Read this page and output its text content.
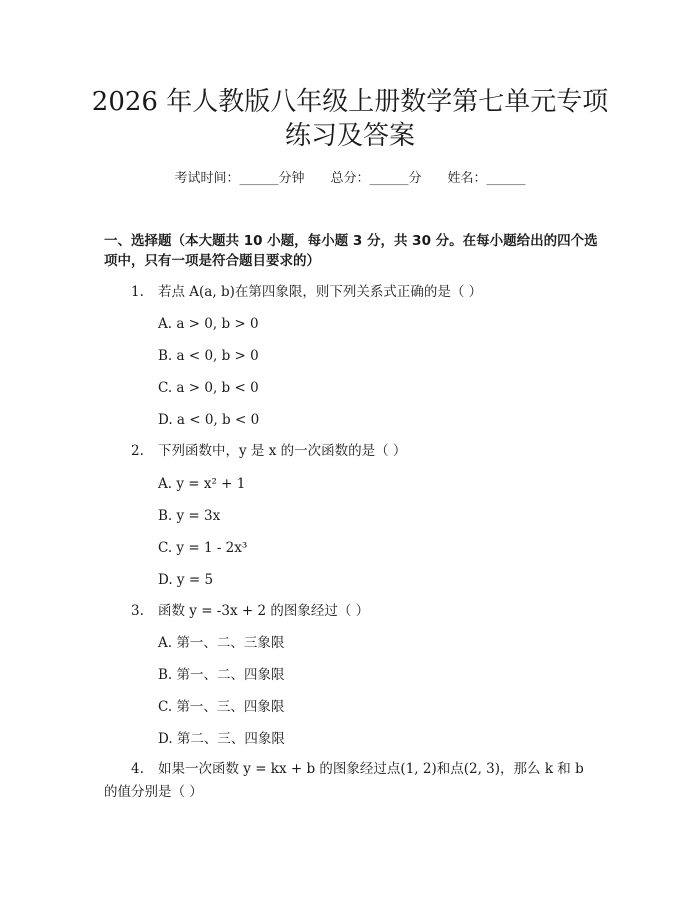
2026 年人教版八年级上册数学第七单元专项
练习及答案
考试时间：______分钟 总分：______分 姓名：______
一、选择题（本大题共 10 小题，每小题 3 分，共 30 分。在每小题给出的四个选
项中，只有一项是符合题目要求的）
1. 若点 A(a, b)在第四象限，则下列关系式正确的是（ ）
A. a > 0, b > 0
B. a < 0, b > 0
C. a > 0, b < 0
D. a < 0, b < 0
2. 下列函数中，y 是 x 的一次函数的是（ ）
A. y = x² + 1
B. y = 3x
C. y = 1 - 2x³
D. y = 5
3. 函数 y = -3x + 2 的图象经过（ ）
A. 第一、二、三象限
B. 第一、二、四象限
C. 第一、三、四象限
D. 第二、三、四象限
4. 如果一次函数 y = kx + b 的图象经过点(1, 2)和点(2, 3)，那么 k 和 b
的值分别是（ ）
